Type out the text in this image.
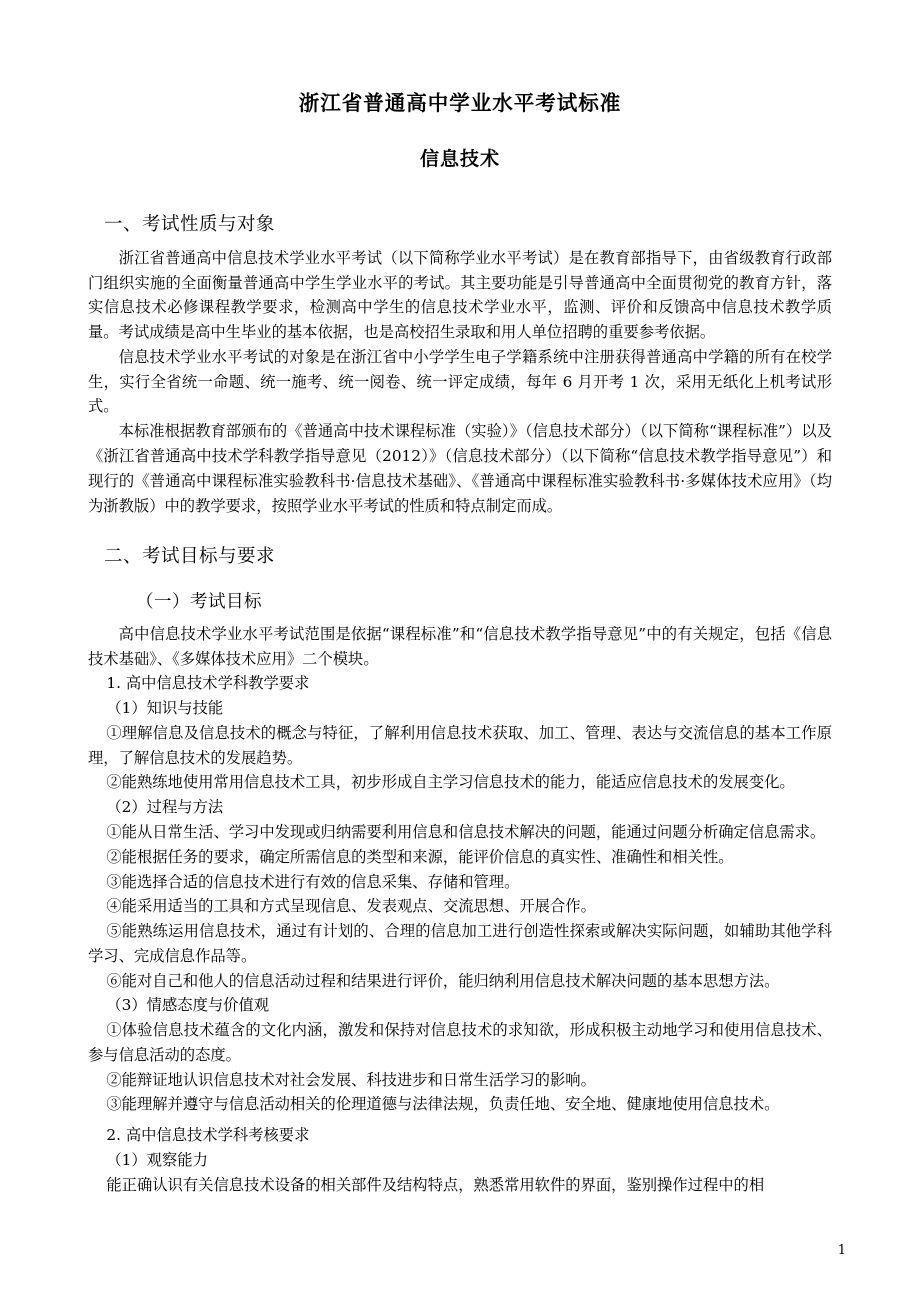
浙江省普通高中学业水平考试标准
信息技术
一、考试性质与对象

浙江省普通高中信息技术学业水平考试（以下简称学业水平考试）是在教育部指导下，由省级教育行政部门组织实施的全面衡量普通高中学生学业水平的考试。其主要功能是引导普通高中全面贯彻党的教育方针，落实信息技术必修课程教学要求，检测高中学生的信息技术学业水平，监测、评价和反馈高中信息技术教学质量。考试成绩是高中生毕业的基本依据，也是高校招生录取和用人单位招聘的重要参考依据。

信息技术学业水平考试的对象是在浙江省中小学学生电子学籍系统中注册获得普通高中学籍的所有在校学生，实行全省统一命题、统一施考、统一阅卷、统一评定成绩，每年 6 月开考 1 次，采用无纸化上机考试形式。

本标准根据教育部颁布的《普通高中技术课程标准（实验）》（信息技术部分）（以下简称“课程标准”）以及《浙江省普通高中技术学科教学指导意见（2012）》（信息技术部分）（以下简称“信息技术教学指导意见”）和现行的《普通高中课程标准实验教科书·信息技术基础》、《普通高中课程标准实验教科书·多媒体技术应用》（均为浙教版）中的教学要求，按照学业水平考试的性质和特点制定而成。

二、考试目标与要求
（一）考试目标

高中信息技术学业水平考试范围是依据“课程标准”和“信息技术教学指导意见”中的有关规定，包括《信息技术基础》、《多媒体技术应用》二个模块。

1. 高中信息技术学科教学要求

（1）知识与技能

①理解信息及信息技术的概念与特征，了解利用信息技术获取、加工、管理、表达与交流信息的基本工作原理，了解信息技术的发展趋势。

②能熟练地使用常用信息技术工具，初步形成自主学习信息技术的能力，能适应信息技术的发展变化。

（2）过程与方法

①能从日常生活、学习中发现或归纳需要利用信息和信息技术解决的问题，能通过问题分析确定信息需求。

②能根据任务的要求，确定所需信息的类型和来源，能评价信息的真实性、准确性和相关性。

③能选择合适的信息技术进行有效的信息采集、存储和管理。

④能采用适当的工具和方式呈现信息、发表观点、交流思想、开展合作。

⑤能熟练运用信息技术，通过有计划的、合理的信息加工进行创造性探索或解决实际问题，如辅助其他学科学习、完成信息作品等。

⑥能对自己和他人的信息活动过程和结果进行评价，能归纳利用信息技术解决问题的基本思想方法。

（3）情感态度与价值观

①体验信息技术蕴含的文化内涵，激发和保持对信息技术的求知欲，形成积极主动地学习和使用信息技术、参与信息活动的态度。

②能辩证地认识信息技术对社会发展、科技进步和日常生活学习的影响。

③能理解并遵守与信息活动相关的伦理道德与法律法规，负责任地、安全地、健康地使用信息技术。

2. 高中信息技术学科考核要求

（1）观察能力

能正确认识有关信息技术设备的相关部件及结构特点，熟悉常用软件的界面，鉴别操作过程中的相

1
